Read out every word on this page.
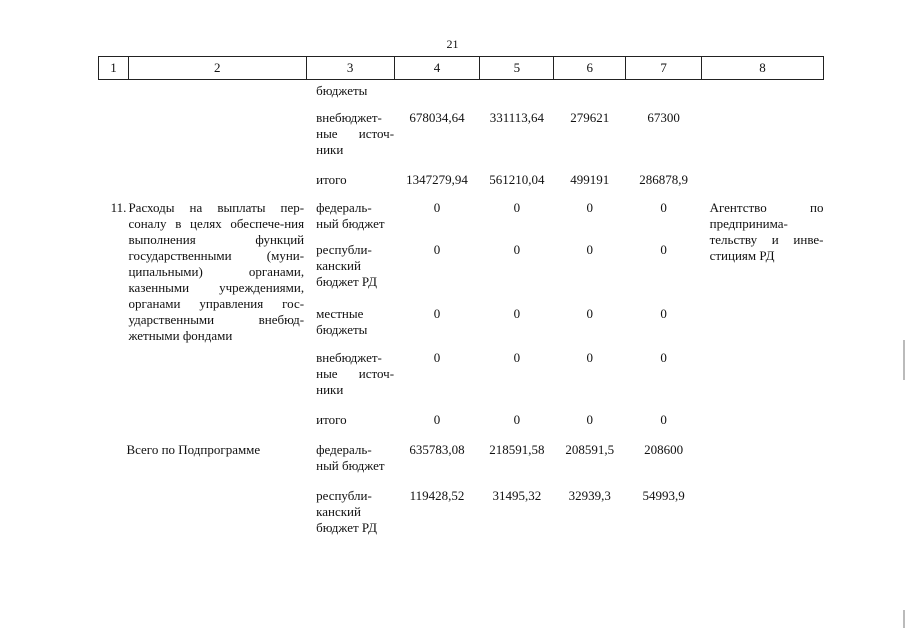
21
1	2	3	4	5	6	7	8
		бюджеты					
		внебюджет-ные источ-ники	678034,64	331113,64	279621	67300	
		итого	1347279,94	561210,04	499191	286878,9	
11.	Расходы на выплаты пер-соналу в целях обеспече-ния выполнения функций государственными (муни-ципальными) органами, казенными учреждениями, органами управления гос-ударственными внебюд-жетными фондами	федераль-ный бюджет	0	0	0	0	Агентство по предпринима-тельству и инве-стициям РД
		республи-канский бюджет РД	0	0	0	0	
		местные бюджеты	0	0	0	0	
		внебюджет-ные источ-ники	0	0	0	0	
		итого	0	0	0	0	
	Всего по Подпрограмме	федераль-ный бюджет	635783,08	218591,58	208591,5	208600	
		республи-канский бюджет РД	119428,52	31495,32	32939,3	54993,9	
